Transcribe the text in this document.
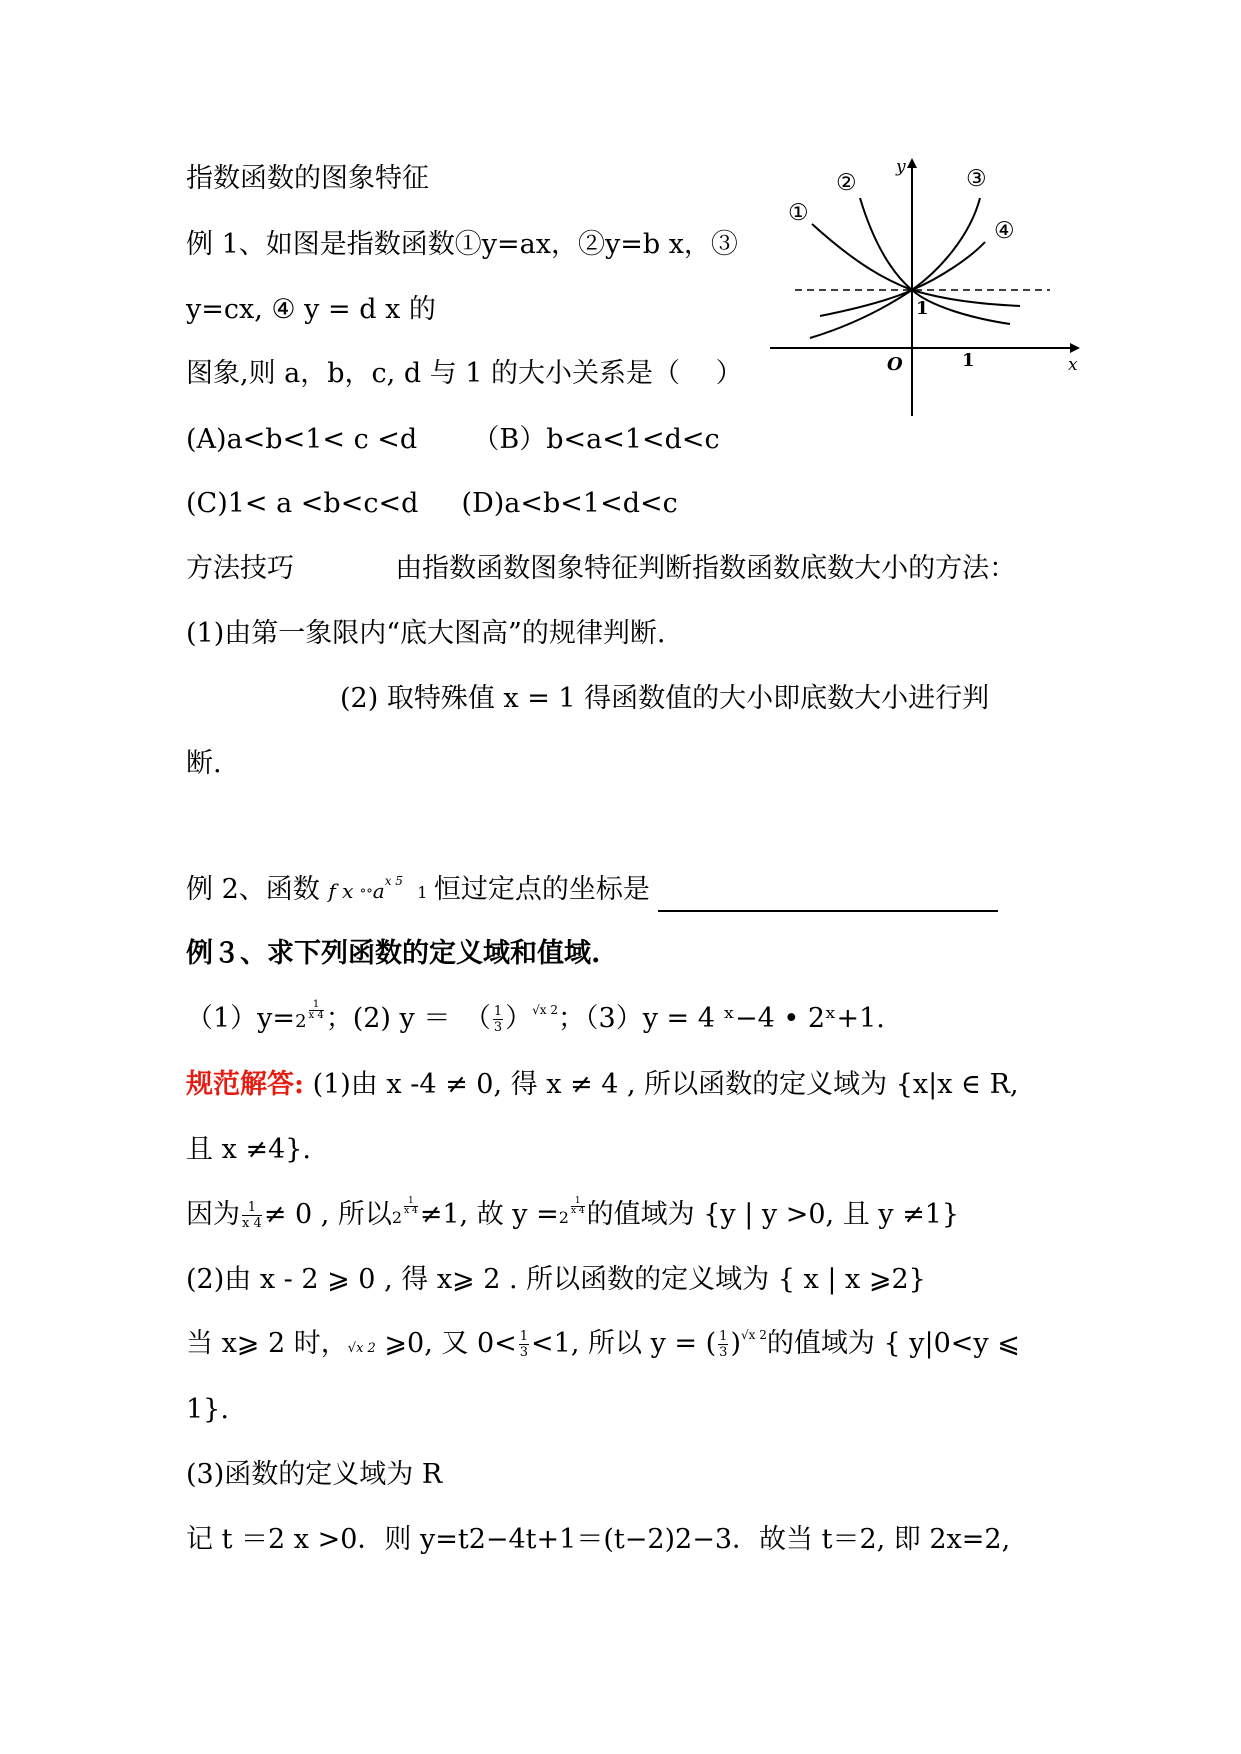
指数函数的图象特征
例 1、如图是指数函数①y=ax，②y=b x，③
y=cx, ④ y = d x 的
图象,则 a，b，c, d 与 1 的大小关系是（　 ）
(A)a<b<1< c <d （B）b<a<1<d<c
(C)1< a <b<c<d (D)a<b<1<d<c
y
x
O	1
1
①
②	③
④
方法技巧	由指数函数图象特征判断指数函数底数大小的方法：
(1)由第一象限内“底大图高”的规律判断.
(2) 取特殊值 x = 1 得函数值的大小即底数大小进行判
断.
例 2、函数 f x $^\circ^\circ a^{x 5}$ 1 恒过定点的坐标是
例３、求下列函数的定义域和值域.
（1）y=2
$^{\frac{1}{x 4}}$ ；(2) y ＝　（ $\frac{1}{3} )^{√x 2}$；（3）y = 4 ˣ−4 • 2ˣ+1.
规范解答: (1)由 x -4 ≠ 0, 得 x ≠ 4 , 所以函数的定义域为 {x|x ∈ R,
且 x ≠4}.
因为 $\frac{1}{x 4} \ne 0$ , 所以2
$^{\frac{1}{x 4}}$ ≠1, 故 y =2
$^{\frac{1}{x 4}}$ 的值域为 {y | y >0, 且 y ≠1}
(2)由 x - 2 ⩾ 0 , 得 x⩾ 2 . 所以函数的定义域为 { x | x ⩾2}
当 x⩾ 2 时，√x 2 ⩾0, 又 $0< \frac{1}{3} <1$, 所以 y = ( $\frac{1}{3} )^{√x 2}$的值域为 { y|0<y ⩽
1}.
(3)函数的定义域为 R
记 t ＝2 x >0．则 y=t2−4t+1＝(t−2)2−3．故当 t＝2, 即 2x=2,
